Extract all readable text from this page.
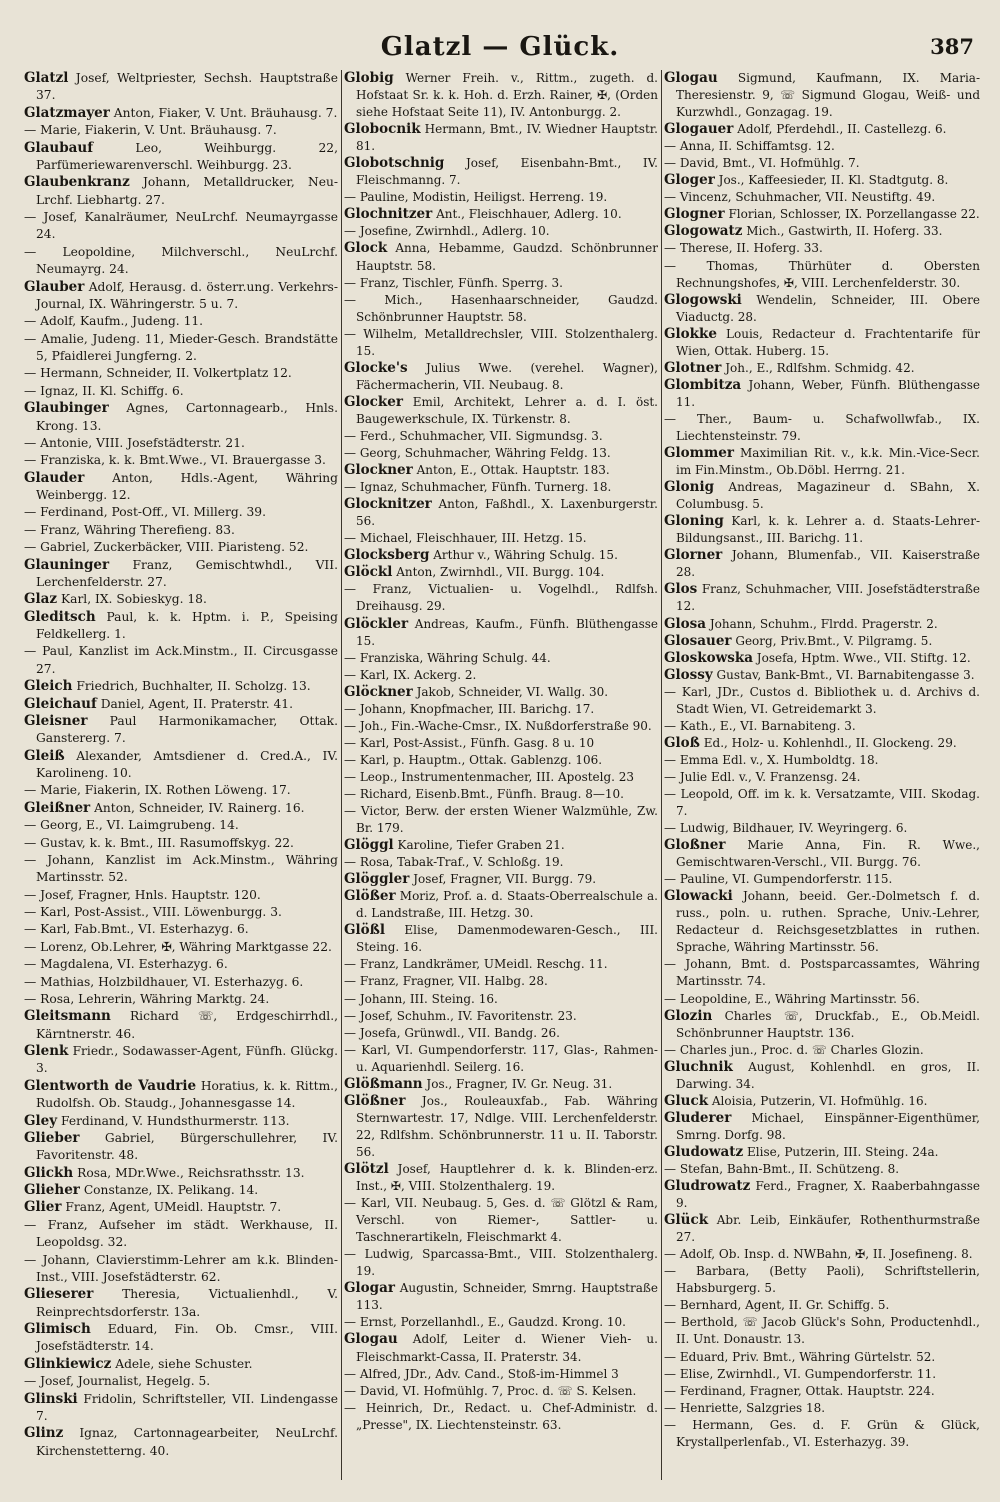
Glatzl — Glück.	387

Glatzl Josef, Weltpriester, Sechsh. Hauptstraße 37.

Glatzmayer Anton, Fiaker, V. Unt. Bräuhausg. 7.

— Marie, Fiakerin, V. Unt. Bräuhausg. 7.

Glaubauf	Leo, Weihburgg. 22, Parfümeriewarenverschl. Weihburgg. 23.

Glaubenkranz Johann, Metalldrucker, Neu-Lrchf. Liebhartg. 27.

— Josef, Kanalräumer, NeuLrchf. Neumayrgasse 24.

— Leopoldine, Milchverschl., NeuLrchf. Neumayrg. 24.

Glauber Adolf, Herausg. d. österr.ung. Verkehrs-Journal, IX. Währingerstr. 5 u. 7.

— Adolf, Kaufm., Judeng. 11.

— Amalie, Judeng. 11, Mieder-Gesch. Brandstätte 5, Pfaidlerei Jungferng. 2.

— Hermann, Schneider, II. Volkertplatz 12.

— Ignaz, II. Kl. Schiffg. 6.

Glaubinger Agnes, Cartonnagearb., Hnls. Krong. 13.

— Antonie, VIII. Josefstädterstr. 21.

— Franziska, k. k. Bmt.Wwe., VI. Brauergasse 3.

Glauder Anton, Hdls.-Agent, Währing Weinbergg. 12.

— Ferdinand, Post-Off., VI. Millerg. 39.

— Franz, Währing Therefieng. 83.

— Gabriel, Zuckerbäcker, VIII. Piaristeng. 52.

Glauninger Franz, Gemischtwhdl., VII. Lerchenfelderstr. 27.

Glaz Karl, IX. Sobieskyg. 18.

Gleditsch Paul, k. k. Hptm. i. P., Speising Feldkellerg. 1.

— Paul, Kanzlist im Ack.Minstm., II. Circusgasse 27.

Gleich Friedrich, Buchhalter, II. Scholzg. 13.

Gleichauf Daniel, Agent, II. Praterstr. 41.

Gleisner Paul Harmonikamacher, Ottak. Ganstererg. 7.

Gleiß Alexander, Amtsdiener d. Cred.A., IV. Karolineng. 10.

— Marie, Fiakerin, IX. Rothen Löweng. 17.

Gleißner Anton, Schneider, IV. Rainerg. 16.

— Georg, E., VI. Laimgrubeng. 14.

— Gustav, k. k. Bmt., III. Rasumoffskyg. 22.

— Johann, Kanzlist im Ack.Minstm., Währing Martinsstr. 52.

— Josef, Fragner, Hnls. Hauptstr. 120.

— Karl, Post-Assist., VIII. Löwenburgg. 3.

— Karl, Fab.Bmt., VI. Esterhazyg. 6.

— Lorenz, Ob.Lehrer, ✠, Währing Marktgasse 22.

— Magdalena, VI. Esterhazyg. 6.

— Mathias, Holzbildhauer, VI. Esterhazyg. 6.

— Rosa, Lehrerin, Währing Marktg. 24.

Gleitsmann Richard ☏, Erdgeschirrhdl., Kärntnerstr. 46.

Glenk Friedr., Sodawasser-Agent, Fünfh. Glückg. 3.

Glentworth de Vaudrie Horatius, k. k. Rittm., Rudolfsh. Ob. Staudg., Johannesgasse 14.

Gley Ferdinand, V. Hundsthurmerstr. 113.

Glieber Gabriel, Bürgerschullehrer, IV. Favoritenstr. 48.

Glickh Rosa, MDr.Wwe., Reichsrathsstr. 13.

Glieher Constanze, IX. Pelikang. 14.

Glier Franz, Agent, UMeidl. Hauptstr. 7.

— Franz, Aufseher im städt. Werkhause, II. Leopoldsg. 32.

— Johann, Clavierstimm-Lehrer am k.k. Blinden-Inst., VIII. Josefstädterstr. 62.

Glieserer Theresia, Victualienhdl., V. Reinprechtsdorferstr. 13a.

Glimisch Eduard, Fin. Ob. Cmsr., VIII. Josefstädterstr. 14.

Glinkiewicz Adele, siehe Schuster.

— Josef, Journalist, Hegelg. 5.

Glinski Fridolin, Schriftsteller, VII. Lindengasse 7.

Glinz Ignaz, Cartonnagearbeiter, NeuLrchf. Kirchenstetterng. 40.

Globig Werner Freih. v., Rittm., zugeth. d. Hofstaat Sr. k. k. Hoh. d. Erzh. Rainer, ✠, (Orden siehe Hofstaat Seite 11), IV. Antonburgg. 2.

Globocnik Hermann, Bmt., IV. Wiedner Hauptstr. 81.

Globotschnig Josef, Eisenbahn-Bmt., IV. Fleischmanng. 7.

— Pauline, Modistin, Heiligst. Herreng. 19.

Glochnitzer Ant., Fleischhauer, Adlerg. 10.

— Josefine, Zwirnhdl., Adlerg. 10.

Glock Anna, Hebamme, Gaudzd. Schönbrunner Hauptstr. 58.

— Franz, Tischler, Fünfh. Sperrg. 3.

— Mich., Hasenhaarschneider, Gaudzd. Schönbrunner Hauptstr. 58.

— Wilhelm, Metalldrechsler, VIII. Stolzenthalerg. 15.

Glocke's Julius Wwe. (verehel. Wagner), Fächermacherin, VII. Neubaug. 8.

Glocker Emil, Architekt, Lehrer a. d. I. öst. Baugewerkschule, IX. Türkenstr. 8.

— Ferd., Schuhmacher, VII. Sigmundsg. 3.

— Georg, Schuhmacher, Währing Feldg. 13.

Glockner Anton, E., Ottak. Hauptstr. 183.

— Ignaz, Schuhmacher, Fünfh. Turnerg. 18.

Glocknitzer Anton, Faßhdl., X. Laxenburgerstr. 56.

— Michael, Fleischhauer, III. Hetzg. 15.

Glocksberg Arthur v., Währing Schulg. 15.

Glöckl Anton, Zwirnhdl., VII. Burgg. 104.

— Franz, Victualien- u. Vogelhdl., Rdlfsh. Dreihausg. 29.

Glöckler Andreas, Kaufm., Fünfh. Blüthengasse 15.

— Franziska, Währing Schulg. 44.

— Karl, IX. Ackerg. 2.

Glöckner Jakob, Schneider, VI. Wallg. 30.

— Johann, Knopfmacher, III. Barichg. 17.

— Joh., Fin.-Wache-Cmsr., IX. Nußdorferstraße 90.

— Karl, Post-Assist., Fünfh. Gasg. 8 u. 10

— Karl, p. Hauptm., Ottak. Gablenzg. 106.

— Leop., Instrumentenmacher, III. Apostelg. 23

— Richard, Eisenb.Bmt., Fünfh. Braug. 8—10.

— Victor, Berw. der ersten Wiener Walzmühle, Zw. Br. 179.

Glöggl Karoline, Tiefer Graben 21.

— Rosa, Tabak-Traf., V. Schloßg. 19.

Glöggler Josef, Fragner, VII. Burgg. 79.

Glößer Moriz, Prof. a. d. Staats-Oberrealschule a. d. Landstraße, III. Hetzg. 30.

Glößl Elise, Damenmodewaren-Gesch., III. Steing. 16.

— Franz, Landkrämer, UMeidl. Reschg. 11.

— Franz, Fragner, VII. Halbg. 28.

— Johann, III. Steing. 16.

— Josef, Schuhm., IV. Favoritenstr. 23.

— Josefa, Grünwdl., VII. Bandg. 26.

— Karl, VI. Gumpendorferstr. 117, Glas-, Rahmen- u. Aquarienhdl. Seilerg. 16.

Glößmann Jos., Fragner, IV. Gr. Neug. 31.

Glößner Jos., Rouleauxfab., Fab. Währing Sternwartestr. 17, Ndlge. VIII. Lerchenfelderstr. 22, Rdlfshm. Schönbrunnerstr. 11 u. II. Taborstr. 56.

Glötzl Josef, Hauptlehrer d. k. k. Blinden-erz. Inst., ✠, VIII. Stolzenthalerg. 19.

— Karl, VII. Neubaug. 5, Ges. d. ☏ Glötzl & Ram, Verschl. von Riemer-, Sattler- u. Taschnerartikeln, Fleischmarkt 4.

— Ludwig, Sparcassa-Bmt., VIII. Stolzenthalerg. 19.

Glogar Augustin, Schneider, Smrng. Hauptstraße 113.

— Ernst, Porzellanhdl., E., Gaudzd. Krong. 10.

Glogau Adolf, Leiter d. Wiener Vieh- u. Fleischmarkt-Cassa, II. Praterstr. 34.

— Alfred, JDr., Adv. Cand., Stoß-im-Himmel 3

— David, VI. Hofmühlg. 7, Proc. d. ☏ S. Kelsen.

— Heinrich, Dr., Redact. u. Chef-Administr. d. „Presse", IX. Liechtensteinstr. 63.

Glogau Sigmund, Kaufmann, IX. Maria-Theresienstr. 9, ☏ Sigmund Glogau, Weiß- und Kurzwhdl., Gonzagag. 19.

Glogauer Adolf, Pferdehdl., II. Castellezg. 6.

— Anna, II. Schiffamtsg. 12.

— David, Bmt., VI. Hofmühlg. 7.

Gloger Jos., Kaffeesieder, II. Kl. Stadtgutg. 8.

— Vincenz, Schuhmacher, VII. Neustiftg. 49.

Glogner Florian, Schlosser, IX. Porzellangasse 22.

Glogowatz Mich., Gastwirth, II. Hoferg. 33.

— Therese, II. Hoferg. 33.

— Thomas, Thürhüter d. Obersten Rechnungshofes, ✠, VIII. Lerchenfelderstr. 30.

Glogowski Wendelin, Schneider, III. Obere Viaductg. 28.

Glokke Louis, Redacteur d. Frachtentarife für Wien, Ottak. Huberg. 15.

Glotner Joh., E., Rdlfshm. Schmidg. 42.

Glombitza Johann, Weber, Fünfh. Blüthengasse 11.

— Ther., Baum- u. Schafwollwfab., IX. Liechtensteinstr. 79.

Glommer Maximilian Rit. v., k.k. Min.-Vice-Secr. im Fin.Minstm., Ob.Döbl. Herrng. 21.

Glonig Andreas, Magazineur d. SBahn, X. Columbusg. 5.

Gloning Karl, k. k. Lehrer a. d. Staats-Lehrer-Bildungsanst., III. Barichg. 11.

Glorner Johann, Blumenfab., VII. Kaiserstraße 28.

Glos Franz, Schuhmacher, VIII. Josefstädterstraße 12.

Glosa Johann, Schuhm., Flrdd. Pragerstr. 2.

Glosauer Georg, Priv.Bmt., V. Pilgramg. 5.

Gloskowska Josefa, Hptm. Wwe., VII. Stiftg. 12.

Glossy Gustav, Bank-Bmt., VI. Barnabitengasse 3.

— Karl, JDr., Custos d. Bibliothek u. d. Archivs d. Stadt Wien, VI. Getreidemarkt 3.

— Kath., E., VI. Barnabiteng. 3.

Gloß Ed., Holz- u. Kohlenhdl., II. Glockeng. 29.

— Emma Edl. v., X. Humboldtg. 18.

— Julie Edl. v., V. Franzensg. 24.

— Leopold, Off. im k. k. Versatzamte, VIII. Skodag. 7.

— Ludwig, Bildhauer, IV. Weyringerg. 6.

Gloßner Marie Anna, Fin. R. Wwe., Gemischtwaren-Verschl., VII. Burgg. 76.

— Pauline, VI. Gumpendorferstr. 115.

Glowacki Johann, beeid. Ger.-Dolmetsch f. d. russ., poln. u. ruthen. Sprache, Univ.-Lehrer, Redacteur d. Reichsgesetzblattes in ruthen. Sprache, Währing Martinsstr. 56.

— Johann, Bmt. d. Postsparcassamtes, Währing Martinsstr. 74.

— Leopoldine, E., Währing Martinsstr. 56.

Glozin Charles ☏, Druckfab., E., Ob.Meidl. Schönbrunner Hauptstr. 136.

— Charles jun., Proc. d. ☏ Charles Glozin.

Gluchnik August, Kohlenhdl. en gros, II. Darwing. 34.

Gluck Aloisia, Putzerin, VI. Hofmühlg. 16.

Gluderer Michael, Einspänner-Eigenthümer, Smrng. Dorfg. 98.

Gludowatz Elise, Putzerin, III. Steing. 24a.

— Stefan, Bahn-Bmt., II. Schützeng. 8.

Gludrowatz Ferd., Fragner, X. Raaberbahngasse 9.

Glück Abr. Leib, Einkäufer, Rothenthurmstraße 27.

— Adolf, Ob. Insp. d. NWBahn, ✠, II. Josefineng. 8.

— Barbara, (Betty Paoli), Schriftstellerin, Habsburgerg. 5.

— Bernhard, Agent, II. Gr. Schiffg. 5.

— Berthold, ☏ Jacob Glück's Sohn, Productenhdl., II. Unt. Donaustr. 13.

— Eduard, Priv. Bmt., Währing Gürtelstr. 52.

— Elise, Zwirnhdl., VI. Gumpendorferstr. 11.

— Ferdinand, Fragner, Ottak. Hauptstr. 224.

— Henriette, Salzgries 18.

— Hermann, Ges. d. F. Grün & Glück, Krystallperlenfab., VI. Esterhazyg. 39.
